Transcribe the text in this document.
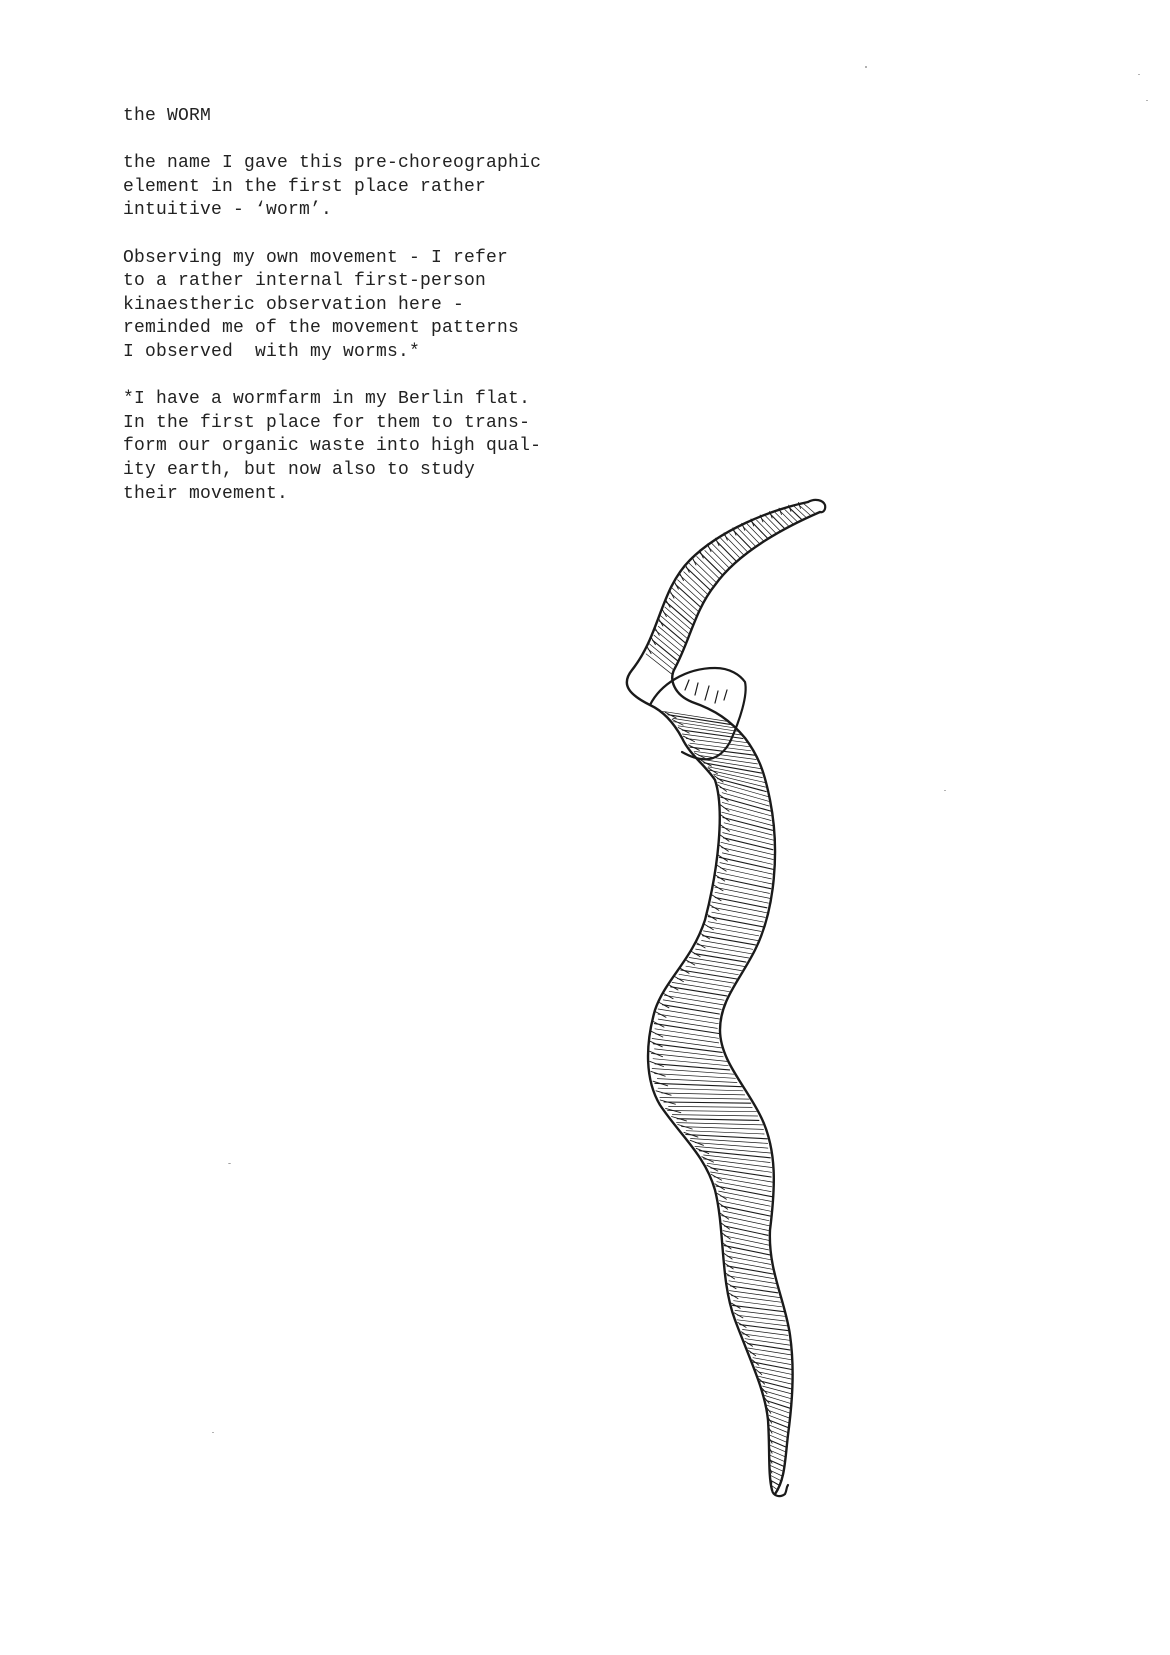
the WORM

the name I gave this pre-choreographic
element in the first place rather
intuitive - ‘worm’.

Observing my own movement - I refer
to a rather internal first-person
kinaestheric observation here -
reminded me of the movement patterns
I observed  with my worms.*

*I have a wormfarm in my Berlin flat.
In the first place for them to trans-
form our organic waste into high qual-
ity earth, but now also to study
their movement.
